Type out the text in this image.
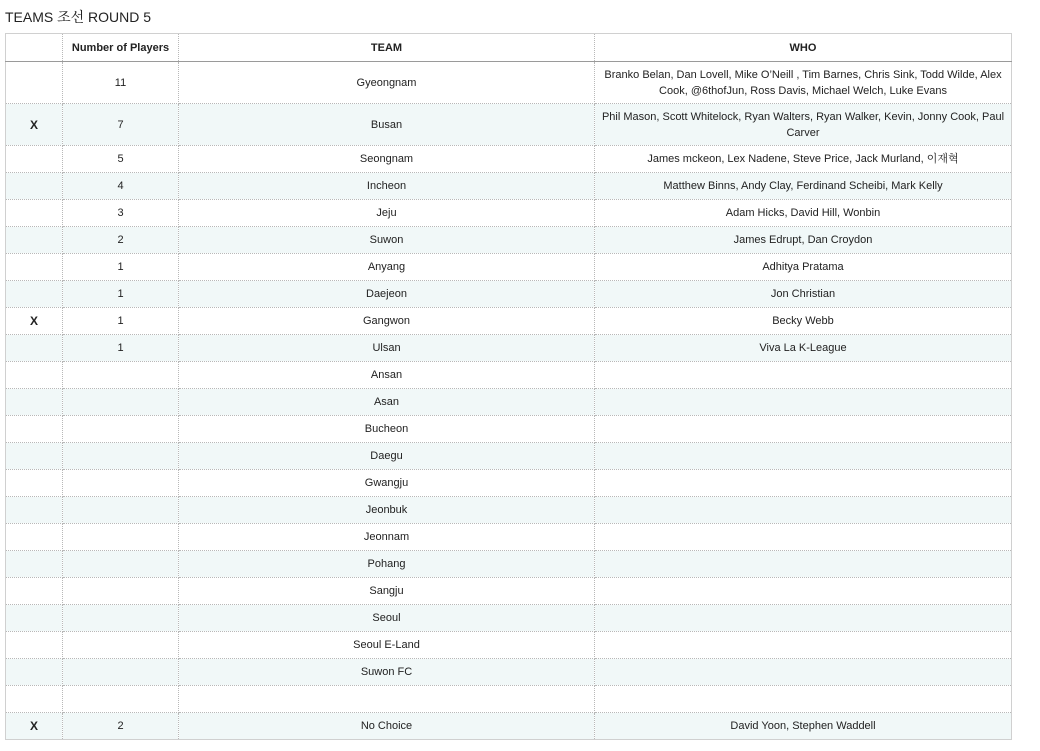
TEAMS 조선 ROUND 5
	Number of Players	TEAM	WHO
	11	Gyeongnam	Branko Belan, Dan Lovell, Mike O’Neill , Tim Barnes, Chris Sink, Todd Wilde, Alex Cook, @6thofJun, Ross Davis, Michael Welch, Luke Evans
X	7	Busan	Phil Mason, Scott Whitelock, Ryan Walters, Ryan Walker, Kevin, Jonny Cook, Paul Carver
	5	Seongnam	James mckeon, Lex Nadene, Steve Price, Jack Murland, 이재혁
	4	Incheon	Matthew Binns, Andy Clay, Ferdinand Scheibi, Mark Kelly
	3	Jeju	Adam Hicks, David Hill, Wonbin
	2	Suwon	James Edrupt, Dan Croydon
	1	Anyang	Adhitya Pratama
	1	Daejeon	Jon Christian
X	1	Gangwon	Becky Webb
	1	Ulsan	Viva La K-League
		Ansan	
		Asan	
		Bucheon	
		Daegu	
		Gwangju	
		Jeonbuk	
		Jeonnam	
		Pohang	
		Sangju	
		Seoul	
		Seoul E-Land	
		Suwon FC	

X	2	No Choice	David Yoon, Stephen Waddell
